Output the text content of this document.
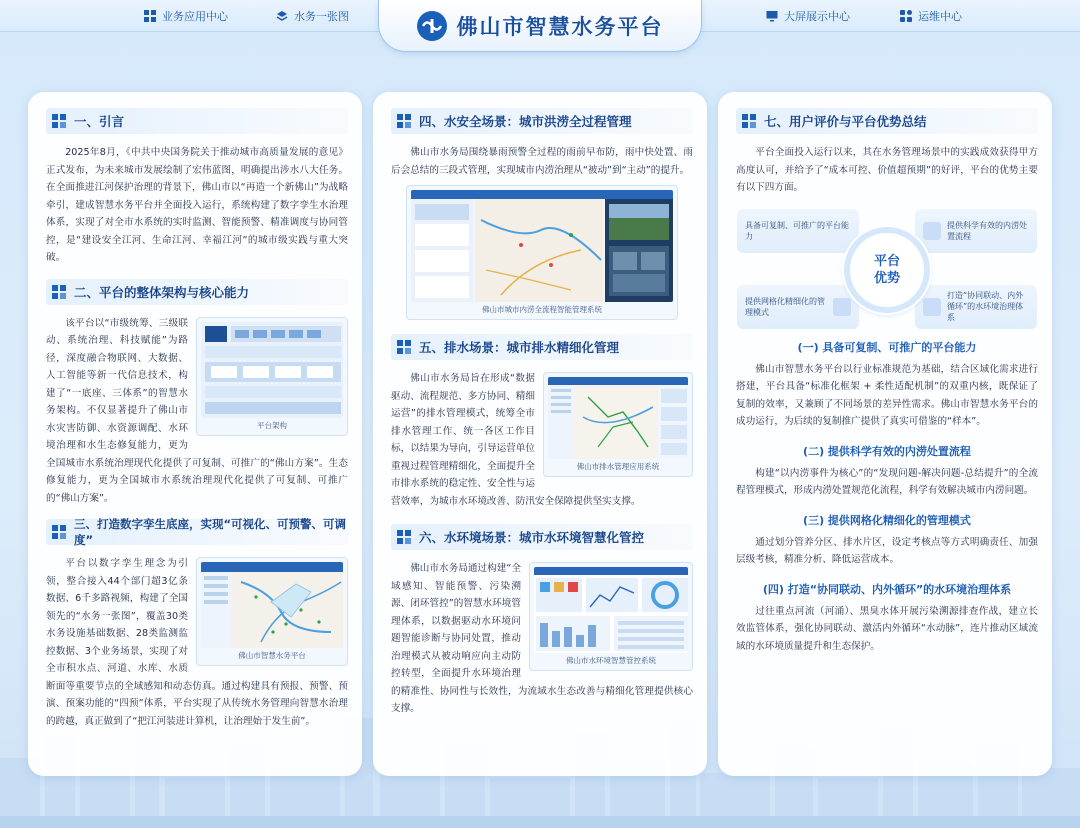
业务应用中心	水务一张图	大屏展示中心	运维中心
佛山市智慧水务平台
一、引言

2025年8月，《中共中央国务院关于推动城市高质量发展的意见》正式发布，为未来城市发展绘制了宏伟蓝图，明确提出涉水八大任务。在全面推进江河保护治理的背景下，佛山市以“再造一个新佛山”为战略牵引，建成智慧水务平台并全面投入运行，系统构建了数字孪生水治理体系，实现了对全市水系统的实时监测、智能预警、精准调度与协同管控，是“建设安全江河、生命江河、幸福江河”的城市级实践与重大突破。

二、平台的整体架构与核心能力
平台架构

该平台以“市级统筹、三级联动、系统治理、科技赋能”为路径，深度融合物联网、大数据、人工智能等新一代信息技术，构建了“一底座、三体系”的智慧水务架构。不仅显著提升了佛山市水灾害防御、水资源调配、水环境治理和水生态修复能力，更为全国城市水系统治理现代化提供了可复制、可推广的“佛山方案”。生态修复能力，更为全国城市水系统治理现代化提供了可复制、可推广的“佛山方案”。

三、打造数字孪生底座，实现“可视化、可预警、可调度”
佛山市智慧水务平台

平台以数字孪生理念为引领，整合接入44个部门超3亿条数据、6千多路视频，构建了全国领先的“水务一张图”，覆盖30类水务设施基础数据、28类监测监控数据、3个业务场景，实现了对全市积水点、河道、水库、水质断面等重要节点的全域感知和动态仿真。通过构建具有预报、预警、预演、预案功能的“四预”体系，平台实现了从传统水务管理向智慧水治理的跨越，真正做到了“把江河装进计算机，让治理始于发生前”。

四、水安全场景：城市洪涝全过程管理

佛山市水务局围绕暴雨预警全过程的雨前早布防，雨中快处置、雨后会总结的三段式管理，实现城市内涝治理从“被动”到“主动”的提升。

佛山市城市内涝全流程智能管理系统
五、排水场景：城市排水精细化管理
佛山市排水管理应用系统

佛山市水务局旨在形成“数据驱动、流程规范、多方协同、精细运营”的排水管理模式，统筹全市排水管理工作、统一各区工作目标，以结果为导向，引导运营单位重视过程管理精细化，全面提升全市排水系统的稳定性、安全性与运营效率，为城市水环境改善、防汛安全保障提供坚实支撑。

六、水环境场景：城市水环境智慧化管控
佛山市水环境智慧管控系统

佛山市水务局通过构建“全域感知、智能预警、污染溯源、闭环管控”的智慧水环境管理体系，以数据驱动水环境问题智能诊断与协同处置，推动治理模式从被动响应向主动防控转型，全面提升水环境治理的精准性、协同性与长效性，为流域水生态改善与精细化管理提供核心支撑。

七、用户评价与平台优势总结

平台全面投入运行以来，其在水务管理场景中的实践成效获得甲方高度认可，并给予了“成本可控、价值超预期”的好评，平台的优势主要有以下四方面。

具备可复制、可推广的平台能力
提供科学有效的内涝处置流程
提供网格化精细化的管理模式
打造“协同联动、内外循环”的水环境治理体系
平台优势
(一) 具备可复制、可推广的平台能力

佛山市智慧水务平台以行业标准规范为基础，结合区域化需求进行搭建，平台具备“标准化框架 + 柔性适配机制”的双重内核，既保证了复制的效率，又兼顾了不同场景的差异性需求。佛山市智慧水务平台的成功运行，为后续的复制推广提供了真实可借鉴的“样本”。

(二) 提供科学有效的内涝处置流程

构建“以内涝事件为核心”的“发现问题-解决问题-总结提升”的全流程管理模式，形成内涝处置规范化流程，科学有效解决城市内涝问题。

(三) 提供网格化精细化的管理模式

通过划分管养分区、排水片区，设定考核点等方式明确责任、加强层级考核，精准分析、降低运营成本。

(四) 打造“协同联动、内外循环”的水环境治理体系

过往重点河流（河涌）、黑臭水体开展污染溯源排查作战，建立长效监管体系，强化协同联动、激活内外循环“水动脉”，连片推动区域流域的水环境质量提升和生态保护。
